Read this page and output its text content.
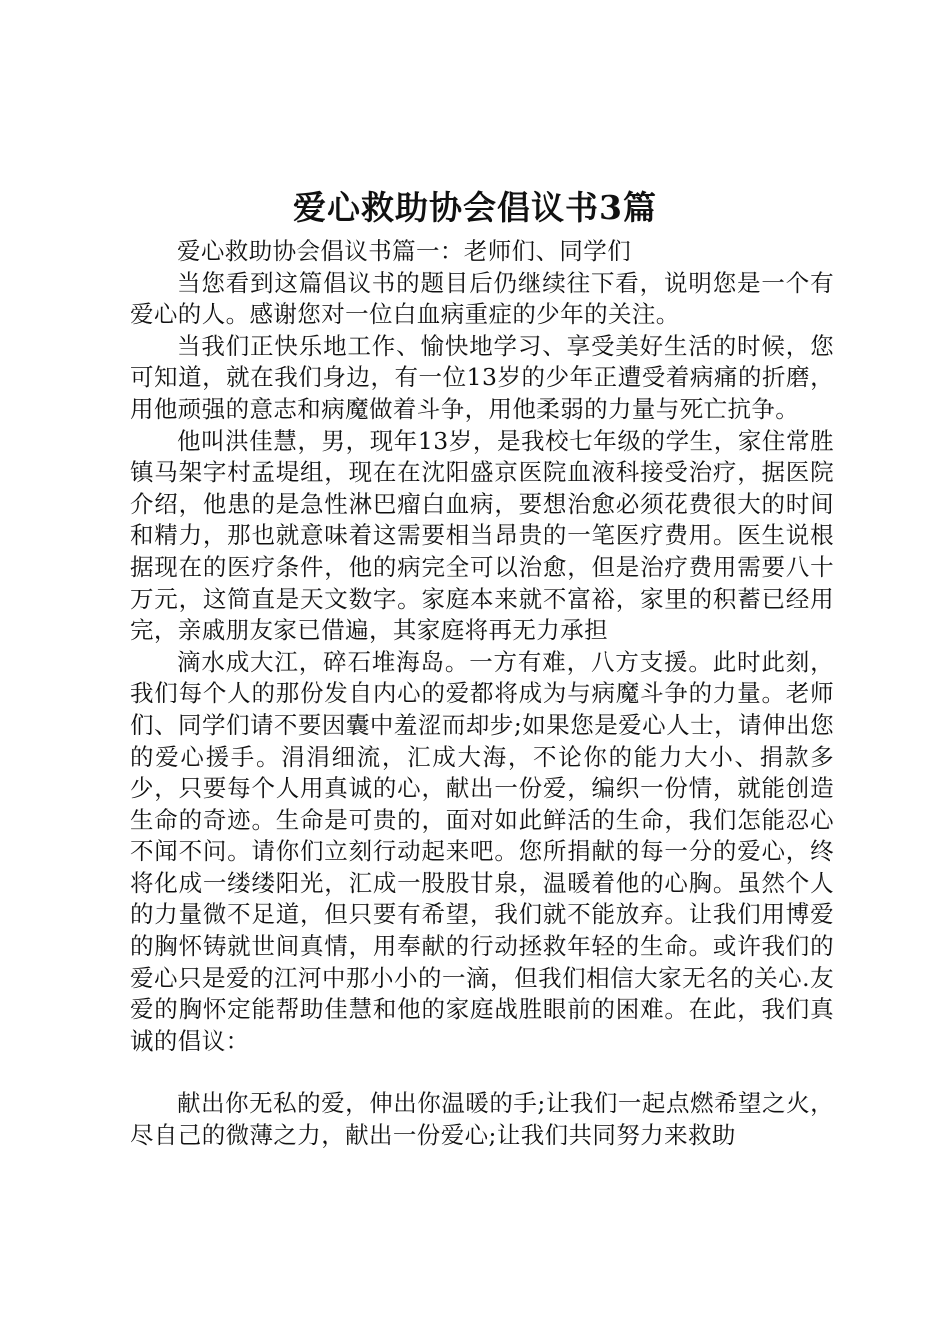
爱心救助协会倡议书3篇

爱心救助协会倡议书篇一：老师们、同学们

当您看到这篇倡议书的题目后仍继续往下看，说明您是一个有爱心的人。感谢您对一位白血病重症的少年的关注。

当我们正快乐地工作、愉快地学习、享受美好生活的时候，您可知道，就在我们身边，有一位13岁的少年正遭受着病痛的折磨，用他顽强的意志和病魔做着斗争，用他柔弱的力量与死亡抗争。

他叫洪佳慧，男，现年13岁，是我校七年级的学生，家住常胜镇马架字村孟堤组，现在在沈阳盛京医院血液科接受治疗，据医院介绍，他患的是急性淋巴瘤白血病，要想治愈必须花费很大的时间和精力，那也就意味着这需要相当昂贵的一笔医疗费用。医生说根据现在的医疗条件，他的病完全可以治愈，但是治疗费用需要八十万元，这简直是天文数字。家庭本来就不富裕，家里的积蓄已经用完，亲戚朋友家已借遍，其家庭将再无力承担

滴水成大江，碎石堆海岛。一方有难，八方支援。此时此刻，我们每个人的那份发自内心的爱都将成为与病魔斗争的力量。老师们、同学们请不要因囊中羞涩而却步;如果您是爱心人士，请伸出您的爱心援手。涓涓细流，汇成大海，不论你的能力大小、捐款多少，只要每个人用真诚的心，献出一份爱，编织一份情，就能创造生命的奇迹。生命是可贵的，面对如此鲜活的生命，我们怎能忍心不闻不问。请你们立刻行动起来吧。您所捐献的每一分的爱心，终将化成一缕缕阳光，汇成一股股甘泉，温暖着他的心胸。虽然个人的力量微不足道，但只要有希望，我们就不能放弃。让我们用博爱的胸怀铸就世间真情，用奉献的行动拯救年轻的生命。或许我们的爱心只是爱的江河中那小小的一滴，但我们相信大家无名的关心.友爱的胸怀定能帮助佳慧和他的家庭战胜眼前的困难。在此，我们真诚的倡议：

献出你无私的爱，伸出你温暖的手;让我们一起点燃希望之火，尽自己的微薄之力，献出一份爱心;让我们共同努力来救助
